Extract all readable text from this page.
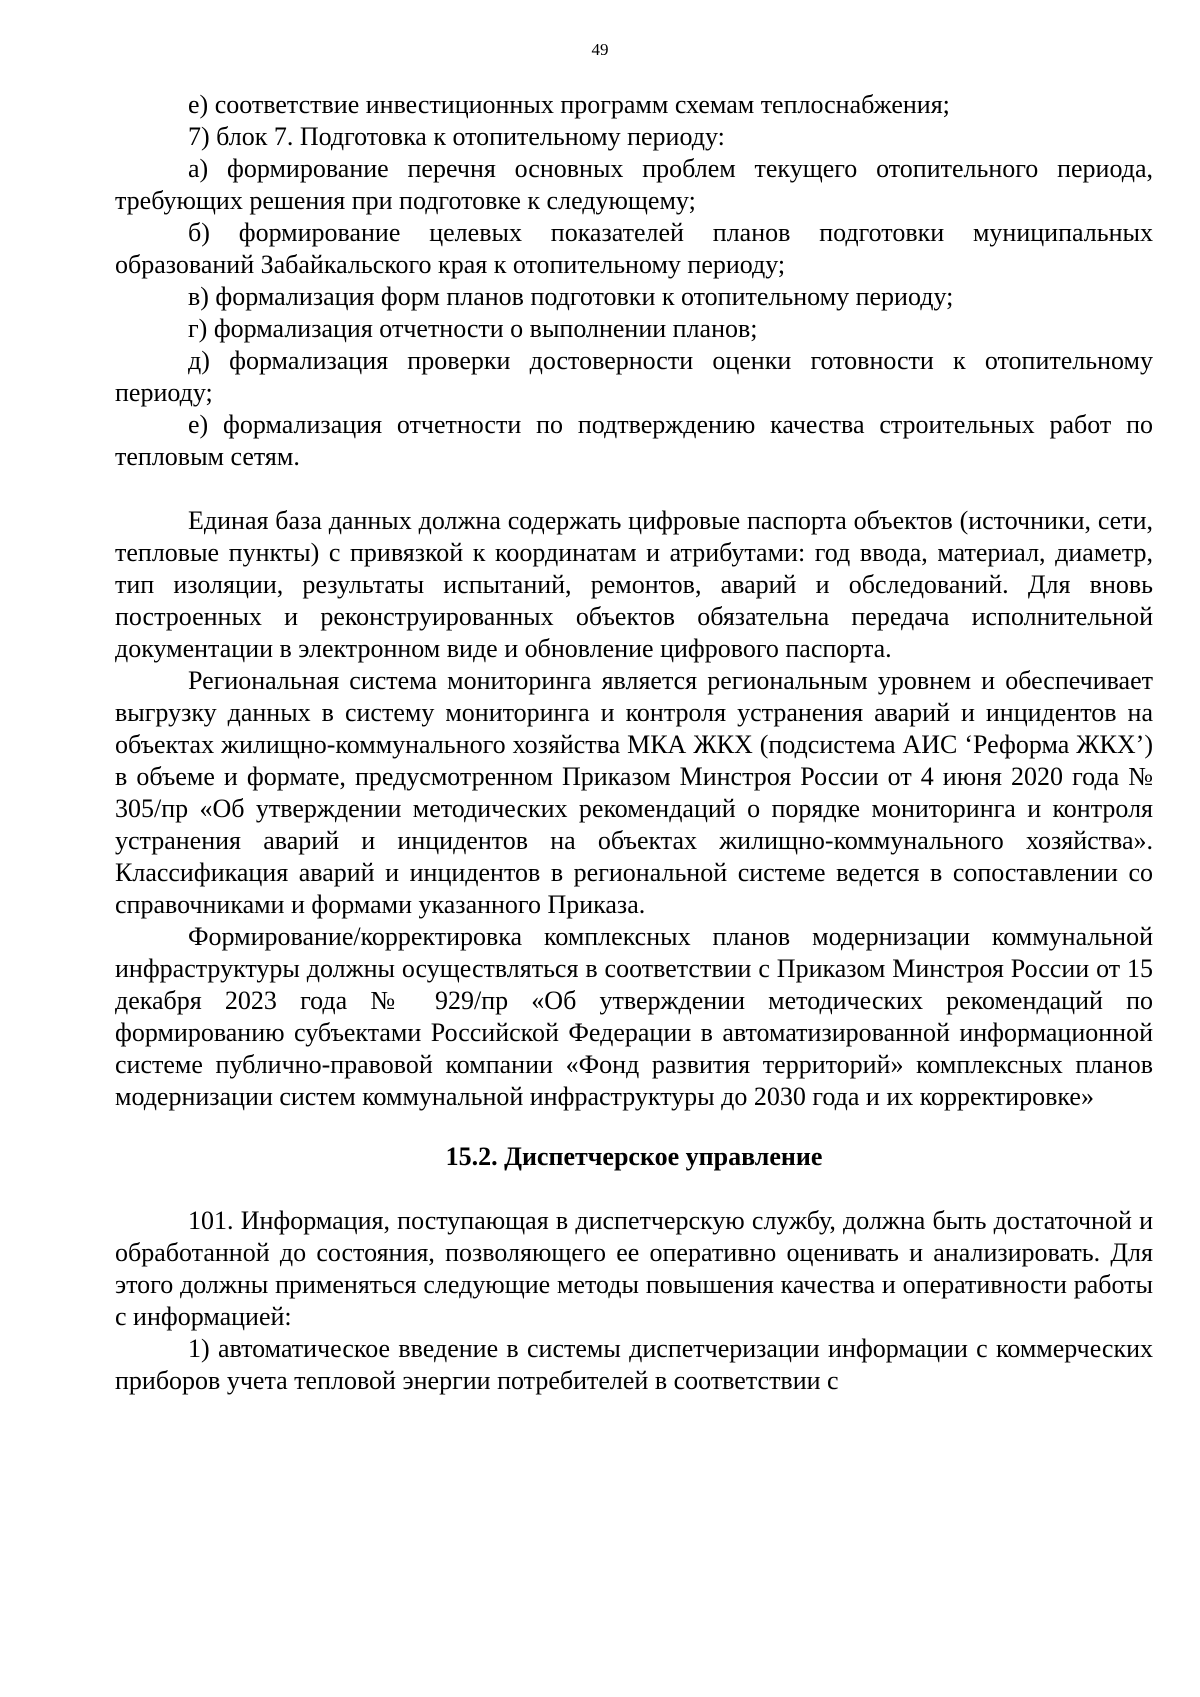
49

е) соответствие инвестиционных программ схемам теплоснабжения;

7) блок 7. Подготовка к отопительному периоду:

а) формирование перечня основных проблем текущего отопительного периода, требующих решения при подготовке к следующему;

б) формирование целевых показателей планов подготовки муниципальных образований Забайкальского края к отопительному периоду;

в) формализация форм планов подготовки к отопительному периоду;

г) формализация отчетности о выполнении планов;

д) формализация проверки достоверности оценки готовности к отопительному периоду;

е) формализация отчетности по подтверждению качества строительных работ по тепловым сетям.

Единая база данных должна содержать цифровые паспорта объектов (источники, сети, тепловые пункты) с привязкой к координатам и атрибутами: год ввода, материал, диаметр, тип изоляции, результаты испытаний, ремонтов, аварий и обследований. Для вновь построенных и реконструированных объектов обязательна передача исполнительной документации в электронном виде и обновление цифрового паспорта.

Региональная система мониторинга является региональным уровнем и обеспечивает выгрузку данных в систему мониторинга и контроля устранения аварий и инцидентов на объектах жилищно-коммунального хозяйства МКА ЖКХ (подсистема АИС ‘Реформа ЖКХ’) в объеме и формате, предусмотренном Приказом Минстроя России от 4 июня 2020 года № 305/пр «Об утверждении методических рекомендаций о порядке мониторинга и контроля устранения аварий и инцидентов на объектах жилищно-коммунального хозяйства». Классификация аварий и инцидентов в региональной системе ведется в сопоставлении со справочниками и формами указанного Приказа.

Формирование/корректировка комплексных планов модернизации коммунальной инфраструктуры должны осуществляться в соответствии с Приказом Минстроя России от 15 декабря 2023 года № 929/пр «Об утверждении методических рекомендаций по формированию субъектами Российской Федерации в автоматизированной информационной системе публично-правовой компании «Фонд развития территорий» комплексных планов модернизации систем коммунальной инфраструктуры до 2030 года и их корректировке»

15.2. Диспетчерское управление

101. Информация, поступающая в диспетчерскую службу, должна быть достаточной и обработанной до состояния, позволяющего ее оперативно оценивать и анализировать. Для этого должны применяться следующие методы повышения качества и оперативности работы с информацией:

1) автоматическое введение в системы диспетчеризации информации с коммерческих приборов учета тепловой энергии потребителей в соответствии с
